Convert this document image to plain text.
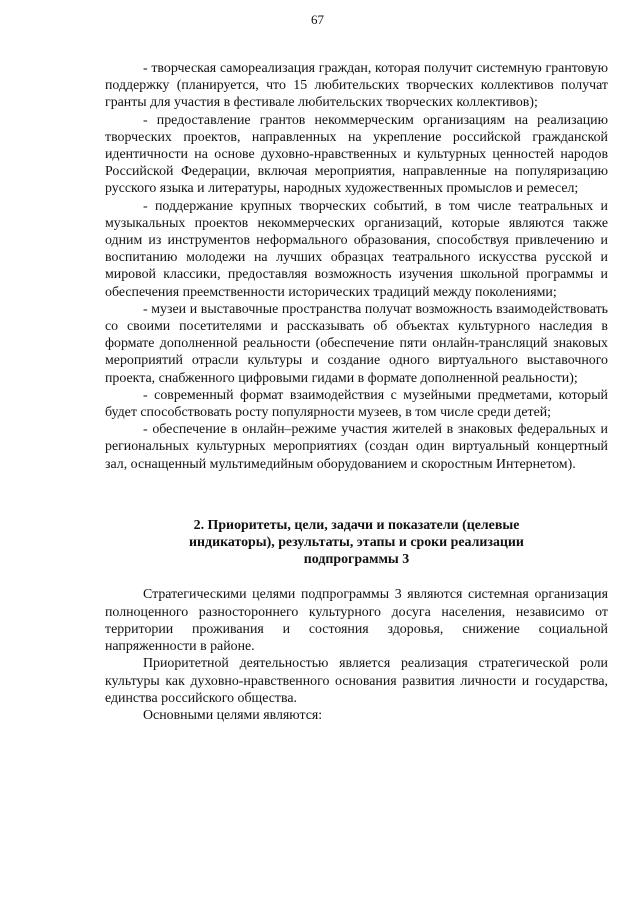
67

- творческая самореализация граждан, которая получит системную грантовую поддержку (планируется, что 15 любительских творческих коллективов получат гранты для участия в фестивале любительских творческих коллективов);

- предоставление грантов некоммерческим организациям на реализацию творческих проектов, направленных на укрепление российской гражданской идентичности на основе духовно-нравственных и культурных ценностей народов Российской Федерации, включая мероприятия, направленные на популяризацию русского языка и литературы, народных художественных промыслов и ремесел;

- поддержание крупных творческих событий, в том числе театральных и музыкальных проектов некоммерческих организаций, которые являются также одним из инструментов неформального образования, способствуя привлечению и воспитанию молодежи на лучших образцах театрального искусства русской и мировой классики, предоставляя возможность изучения школьной программы и обеспечения преемственности исторических традиций между поколениями;

- музеи и выставочные пространства получат возможность взаимодействовать со своими посетителями и рассказывать об объектах культурного наследия в формате дополненной реальности (обеспечение пяти онлайн-трансляций знаковых мероприятий отрасли культуры и создание одного виртуального выставочного проекта, снабженного цифровыми гидами в формате дополненной реальности);

- современный формат взаимодействия с музейными предметами, который будет способствовать росту популярности музеев, в том числе среди детей;

- обеспечение в онлайн–режиме участия жителей в знаковых федеральных и региональных культурных мероприятиях (создан один виртуальный концертный зал, оснащенный мультимедийным оборудованием и скоростным Интернетом).

2. Приоритеты, цели, задачи и показатели (целевые
индикаторы), результаты, этапы и сроки реализации
подпрограммы 3

Стратегическими целями подпрограммы 3 являются системная организация полноценного разностороннего культурного досуга населения, независимо от территории проживания и состояния здоровья, снижение социальной напряженности в районе.

Приоритетной деятельностью является реализация стратегической роли культуры как духовно-нравственного основания развития личности и государства, единства российского общества.

Основными целями являются:
